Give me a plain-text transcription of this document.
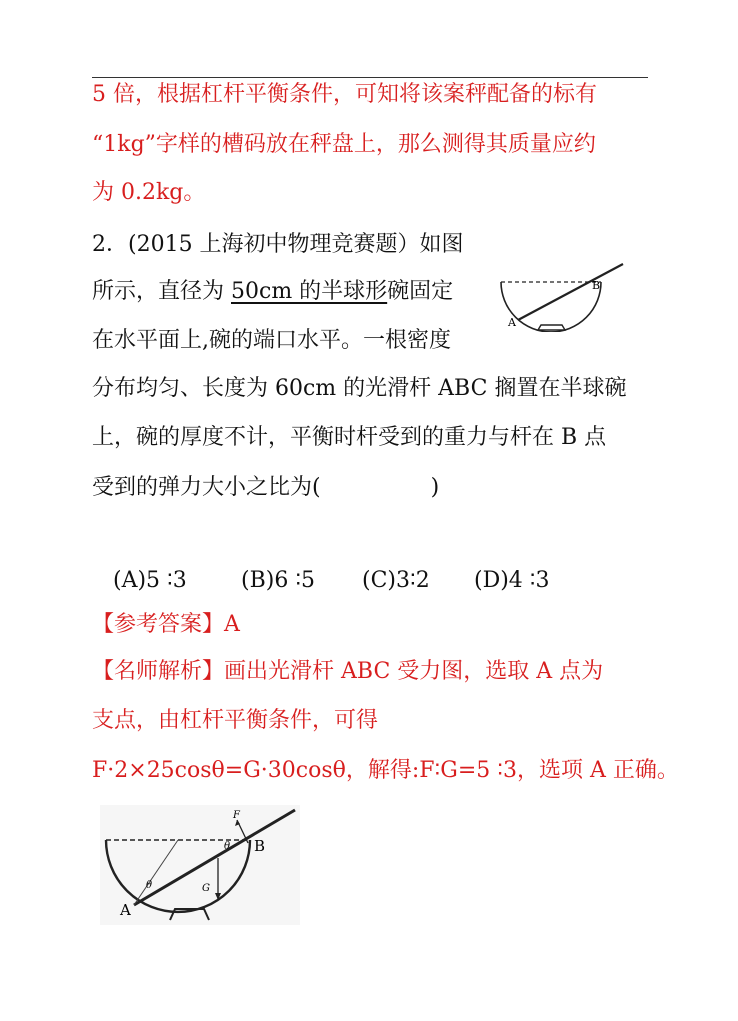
5 倍，根据杠杆平衡条件，可知将该案秤配备的标有
“1kg”字样的槽码放在秤盘上，那么测得其质量应约
为 0.2kg。
2．(2015 上海初中物理竞赛题）如图
所示，直径为 50cm 的半球形碗固定
在水平面上,碗的端口水平。一根密度
分布均匀、长度为 60cm 的光滑杆 ABC 搁置在半球碗
上，碗的厚度不计，平衡时杆受到的重力与杆在 B 点
受到的弹力大小之比为(　　　　　)
A
B
(A)5 ∶3 (B)6 ∶5 (C)3∶2 (D)4 ∶3
【参考答案】A
【名师解析】画出光滑杆 ABC 受力图，选取 A 点为
支点，由杠杆平衡条件，可得
F·2×25cosθ=G·30cosθ，解得:F∶G=5 ∶3，选项 A 正确。
A
B
F
G
θ
θ
